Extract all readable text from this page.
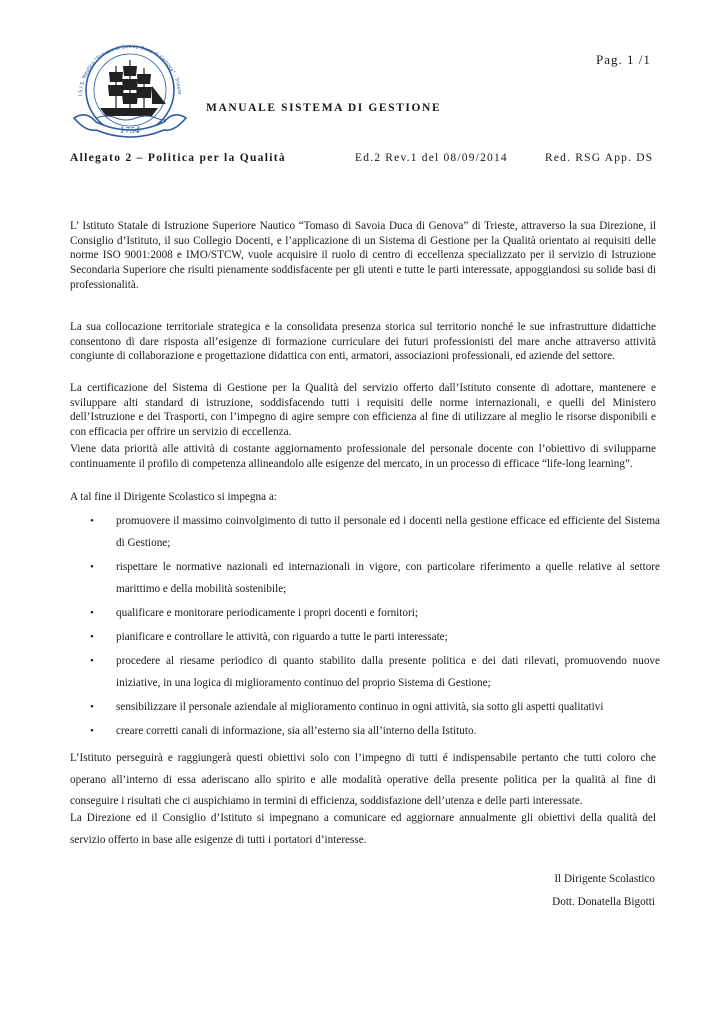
Pag. 1 /1
I.S.I.S. Nautico "Tomaso di Savoia Duca di Genova" - Trieste
1754
MANUALE SISTEMA DI GESTIONE
Allegato 2 – Politica per la Qualità	Ed.2 Rev.1 del 08/09/2014	Red. RSG App. DS
L’ Istituto Statale di Istruzione Superiore Nautico “Tomaso di Savoia Duca di Genova” di Trieste, attraverso la sua Direzione, il Consiglio d’Istituto, il suo Collegio Docenti, e l’applicazione di un Sistema di Gestione per la Qualità orientato ai requisiti delle norme ISO 9001:2008 e IMO/STCW, vuole acquisire il ruolo di centro di eccellenza specializzato per il servizio di Istruzione Secondaria Superiore che risulti pienamente soddisfacente per gli utenti e tutte le parti interessate, appoggiandosi su solide basi di professionalità.
La sua collocazione territoriale strategica e la consolidata presenza storica sul territorio nonché le sue infrastrutture didattiche consentono di dare risposta all’esigenze di formazione curriculare dei futuri professionisti del mare anche attraverso attività congiunte di collaborazione e progettazione didattica con enti, armatori, associazioni professionali, ed aziende del settore.
La certificazione del Sistema di Gestione per la Qualità del servizio offerto dall’Istituto consente di adottare, mantenere e sviluppare alti standard di istruzione, soddisfacendo tutti i requisiti delle norme internazionali, e quelli del Ministero dell’Istruzione e dei Trasporti, con l’impegno di agire sempre con efficienza al fine di utilizzare al meglio le risorse disponibili e con efficacia per offrire un servizio di eccellenza.
Viene data priorità alle attività di costante aggiornamento professionale del personale docente con l’obiettivo di svilupparne continuamente il profilo di competenza allineandolo alle esigenze del mercato, in un processo di efficace “life-long learning”.
A tal fine il Dirigente Scolastico si impegna a:
• promuovere il massimo coinvolgimento di tutto il personale ed i docenti nella gestione efficace ed efficiente del Sistema di Gestione;
• rispettare le normative nazionali ed internazionali in vigore, con particolare riferimento a quelle relative al settore marittimo e della mobilità sostenibile;
• qualificare e monitorare periodicamente i propri docenti e fornitori;
• pianificare e controllare le attività, con riguardo a tutte le parti interessate;
• procedere al riesame periodico di quanto stabilito dalla presente politica e dei dati rilevati, promuovendo nuove iniziative, in una logica di miglioramento continuo del proprio Sistema di Gestione;
• sensibilizzare il personale aziendale al miglioramento continuo in ogni attività, sia sotto gli aspetti qualitativi
• creare corretti canali di informazione, sia all’esterno sia all’interno della Istituto.
L’Istituto perseguirà e raggiungerà questi obiettivi solo con l’impegno di tutti é indispensabile pertanto che tutti coloro che operano all’interno di essa aderiscano allo spirito e alle modalità operative della presente politica per la qualità al fine di conseguire i risultati che ci auspichiamo in termini di efficienza, soddisfazione dell’utenza e delle parti interessate.
La Direzione ed il Consiglio d’Istituto si impegnano a comunicare ed aggiornare annualmente gli obiettivi della qualità del servizio offerto in base alle esigenze di tutti i portatori d’interesse.
Il Dirigente Scolastico
Dott. Donatella Bigotti
